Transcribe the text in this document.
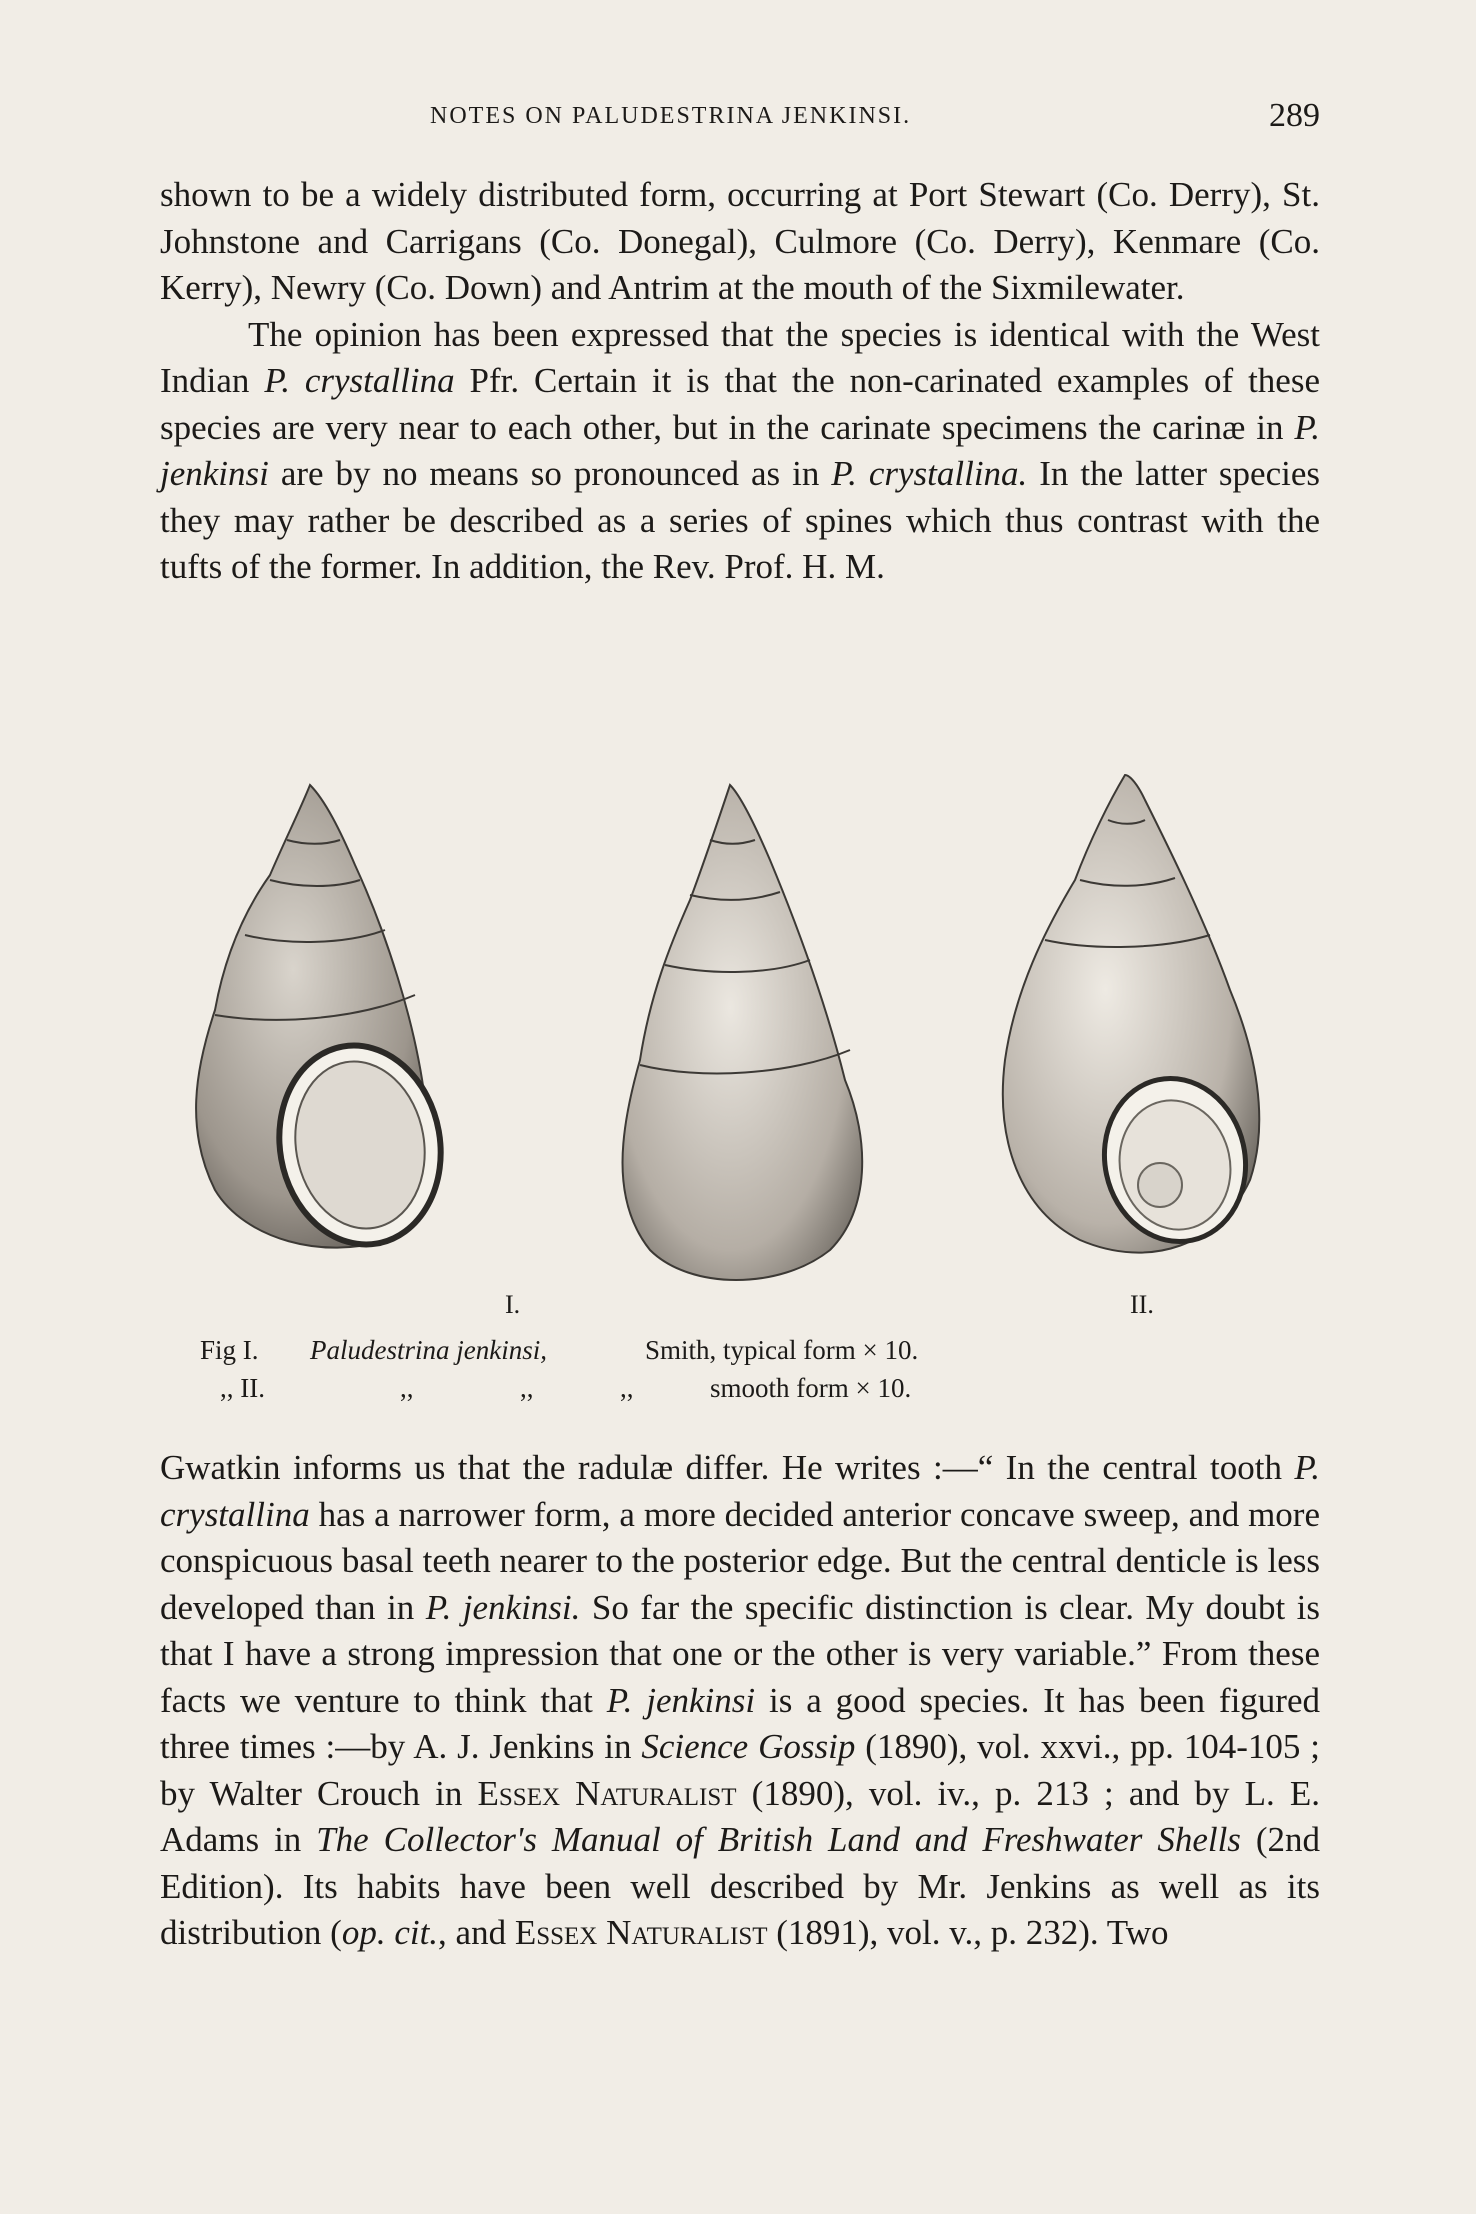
NOTES ON PALUDESTRINA JENKINSI.	289

shown to be a widely distributed form, occurring at Port Stewart (Co. Derry), St. Johnstone and Carrigans (Co. Donegal), Culmore (Co. Derry), Kenmare (Co. Kerry), Newry (Co. Down) and Antrim at the mouth of the Sixmilewater.

The opinion has been expressed that the species is identical with the West Indian P. crystallina Pfr. Certain it is that the non-carinated examples of these species are very near to each other, but in the carinate specimens the carinæ in P. jenkinsi are by no means so pronounced as in P. crystallina. In the latter species they may rather be described as a series of spines which thus contrast with the tufts of the former. In addition, the Rev. Prof. H. M.

I.	II.
Fig I. Paludestrina jenkinsi,	Smith, typical form × 10.
,, II.	,,	,,	,,	smooth form × 10.

Gwatkin informs us that the radulæ differ. He writes :—“ In the central tooth P. crystallina has a narrower form, a more decided anterior concave sweep, and more conspicuous basal teeth nearer to the posterior edge. But the central denticle is less developed than in P. jenkinsi. So far the specific distinction is clear. My doubt is that I have a strong impression that one or the other is very variable.” From these facts we venture to think that P. jenkinsi is a good species. It has been figured three times :—by A. J. Jenkins in Science Gossip (1890), vol. xxvi., pp. 104-105 ; by Walter Crouch in Essex Naturalist (1890), vol. iv., p. 213 ; and by L. E. Adams in The Collector's Manual of British Land and Freshwater Shells (2nd Edition). Its habits have been well described by Mr. Jenkins as well as its distribution (op. cit., and Essex Naturalist (1891), vol. v., p. 232). Two
